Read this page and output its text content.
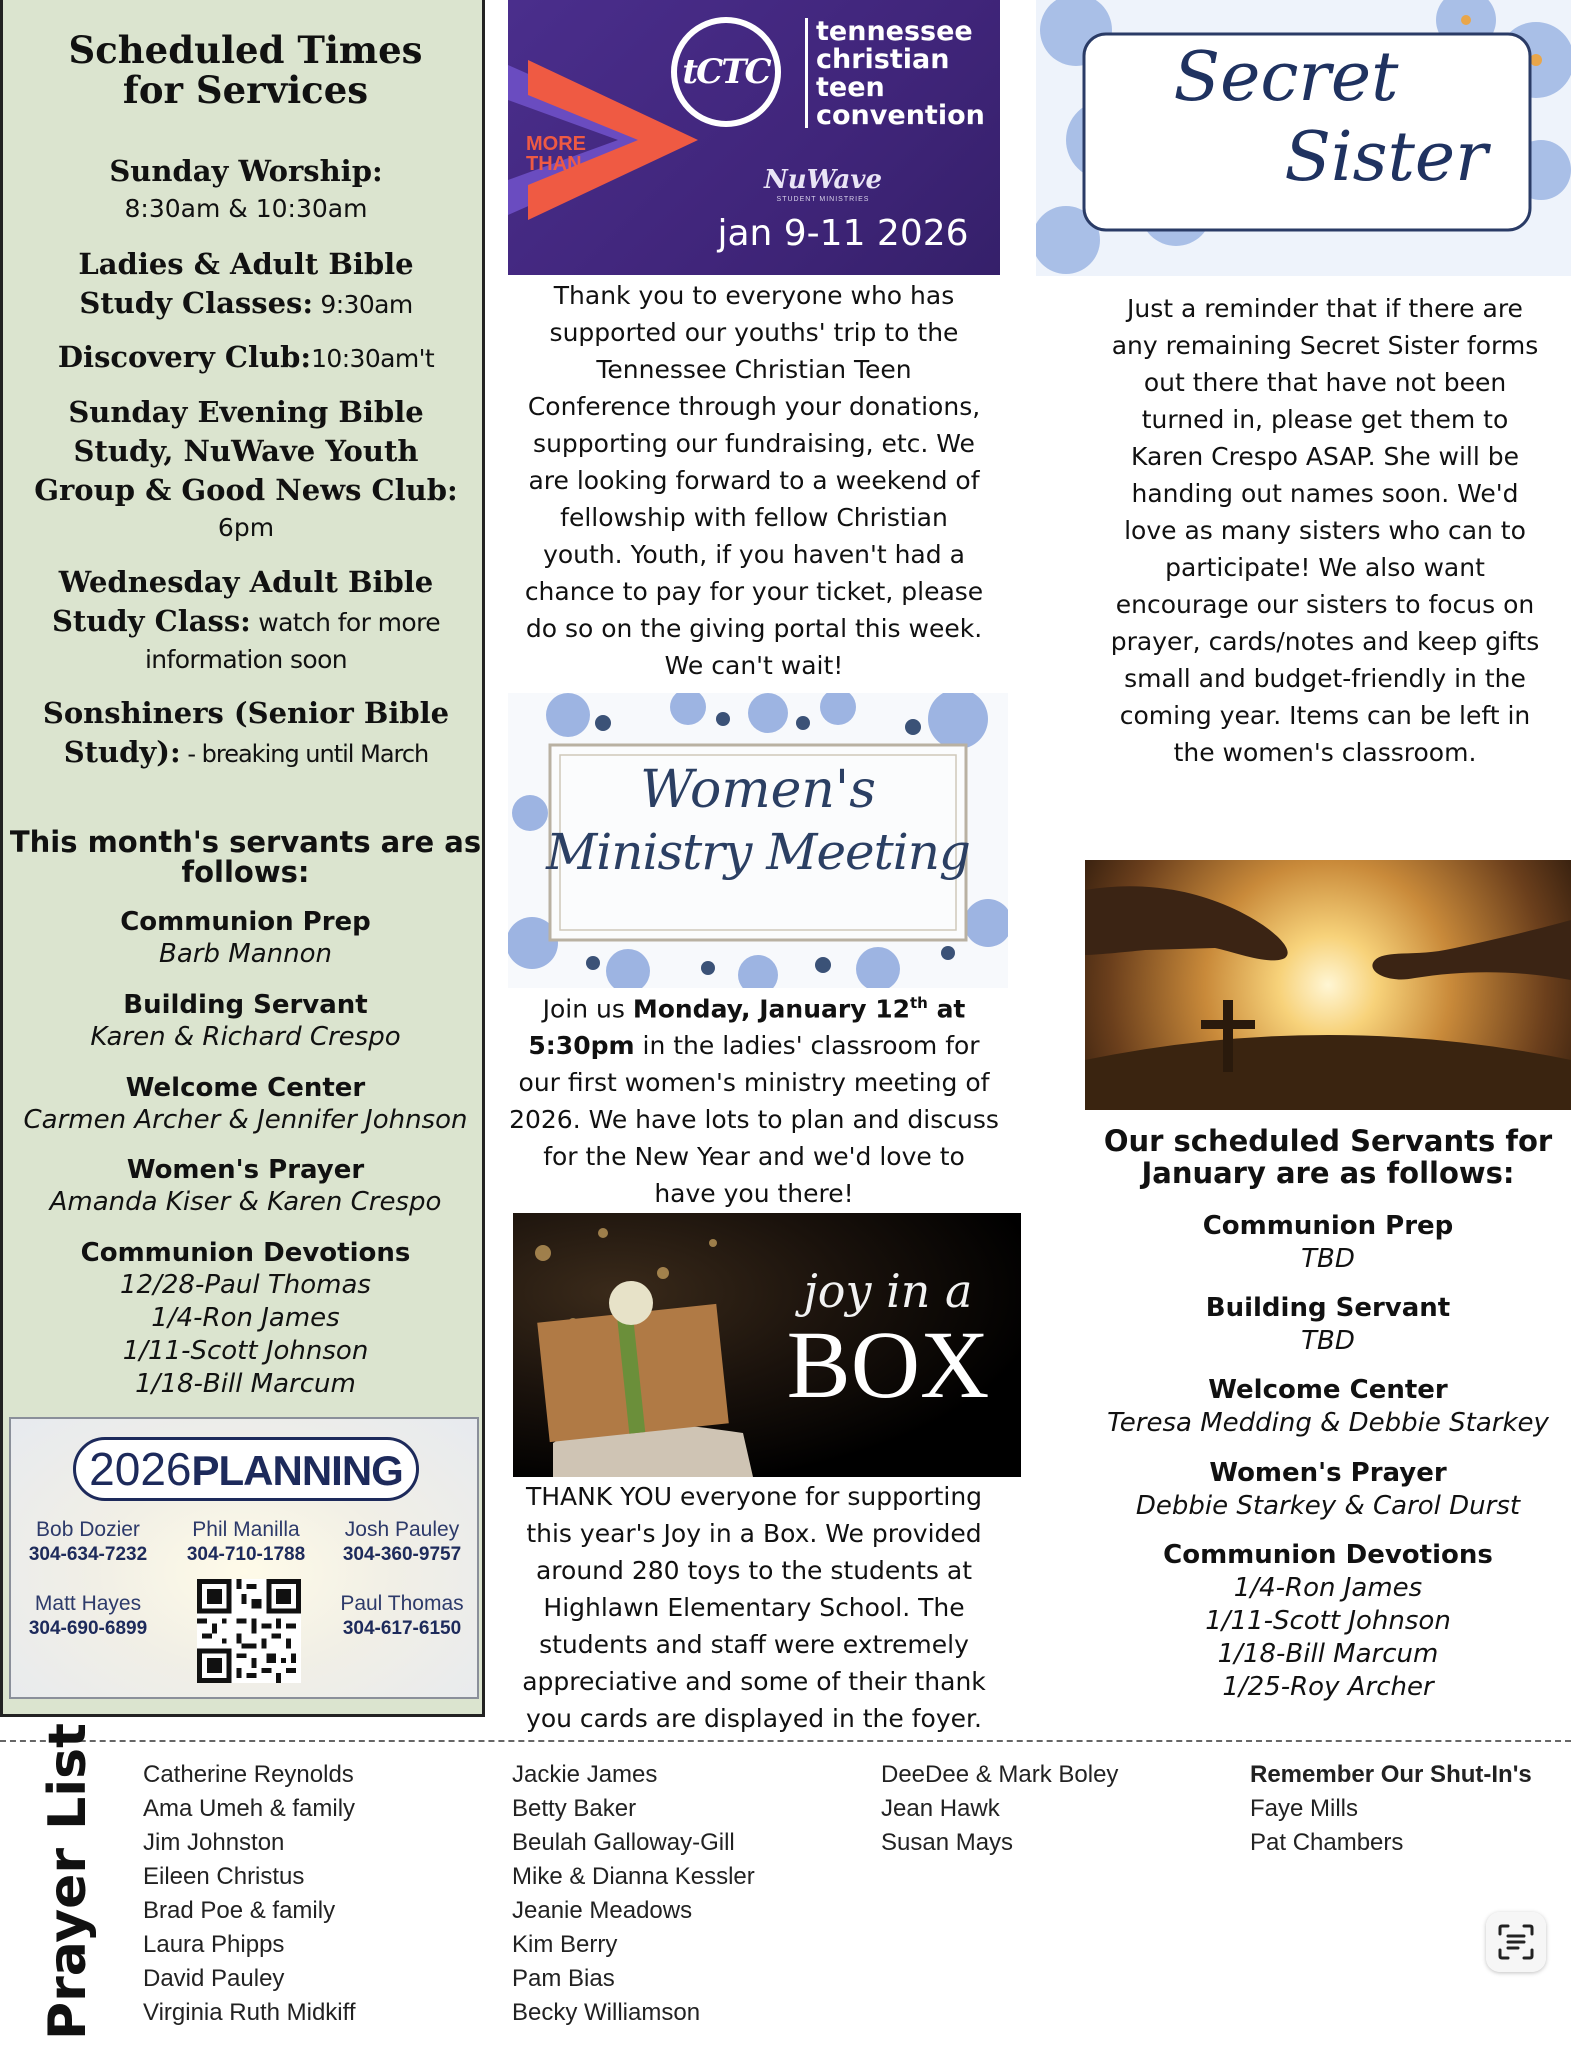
Scheduled Times
for Services
Sunday Worship:
8:30am & 10:30am
Ladies & Adult Bible
Study Classes: 9:30am
Discovery Club:10:30am't
Sunday Evening Bible
Study, NuWave Youth
Group & Good News Club:
6pm
Wednesday Adult Bible
Study Class: watch for more
information soon
Sonshiners (Senior Bible
Study): - breaking until March
This month's servants are as
follows:
Communion Prep
Barb Mannon
Building Servant
Karen & Richard Crespo
Welcome Center
Carmen Archer & Jennifer Johnson
Women's Prayer
Amanda Kiser & Karen Crespo
Communion Devotions
12/28-Paul Thomas
1/4-Ron James
1/11-Scott Johnson
1/18-Bill Marcum
2026PLANNING
Bob Dozier
304-634-7232
Phil Manilla
304-710-1788
Josh Pauley
304-360-9757
Matt Hayes
304-690-6899
Paul Thomas
304-617-6150
tCTC
MORE
THAN
tennessee
christian
teen
convention
NuWave
STUDENT MINISTRIES
jan 9-11 2026
Thank you to everyone who has
supported our youths' trip to the
Tennessee Christian Teen
Conference through your donations,
supporting our fundraising, etc. We
are looking forward to a weekend of
fellowship with fellow Christian
youth. Youth, if you haven't had a
chance to pay for your ticket, please
do so on the giving portal this week.
We can't wait!
Women's
Ministry Meeting
Join us Monday, January 12th at
5:30pm in the ladies' classroom for
our first women's ministry meeting of
2026. We have lots to plan and discuss
for the New Year and we'd love to
have you there!
joy in a
BOX
THANK YOU everyone for supporting
this year's Joy in a Box. We provided
around 280 toys to the students at
Highlawn Elementary School. The
students and staff were extremely
appreciative and some of their thank
you cards are displayed in the foyer.
Secret
Sister
Just a reminder that if there are
any remaining Secret Sister forms
out there that have not been
turned in, please get them to
Karen Crespo ASAP. She will be
handing out names soon. We'd
love as many sisters who can to
participate! We also want
encourage our sisters to focus on
prayer, cards/notes and keep gifts
small and budget-friendly in the
coming year. Items can be left in
the women's classroom.
Our scheduled Servants for
January are as follows:
Communion Prep
TBD
Building Servant
TBD
Welcome Center
Teresa Medding & Debbie Starkey
Women's Prayer
Debbie Starkey & Carol Durst
Communion Devotions
1/4-Ron James
1/11-Scott Johnson
1/18-Bill Marcum
1/25-Roy Archer
Prayer List Catherine Reynolds
Ama Umeh & family
Jim Johnston
Eileen Christus
Brad Poe & family
Laura Phipps
David Pauley
Virginia Ruth Midkiff
Jackie James
Betty Baker
Beulah Galloway-Gill
Mike & Dianna Kessler
Jeanie Meadows
Kim Berry
Pam Bias
Becky Williamson
DeeDee & Mark Boley
Jean Hawk
Susan Mays
Remember Our Shut-In's
Faye Mills
Pat Chambers
